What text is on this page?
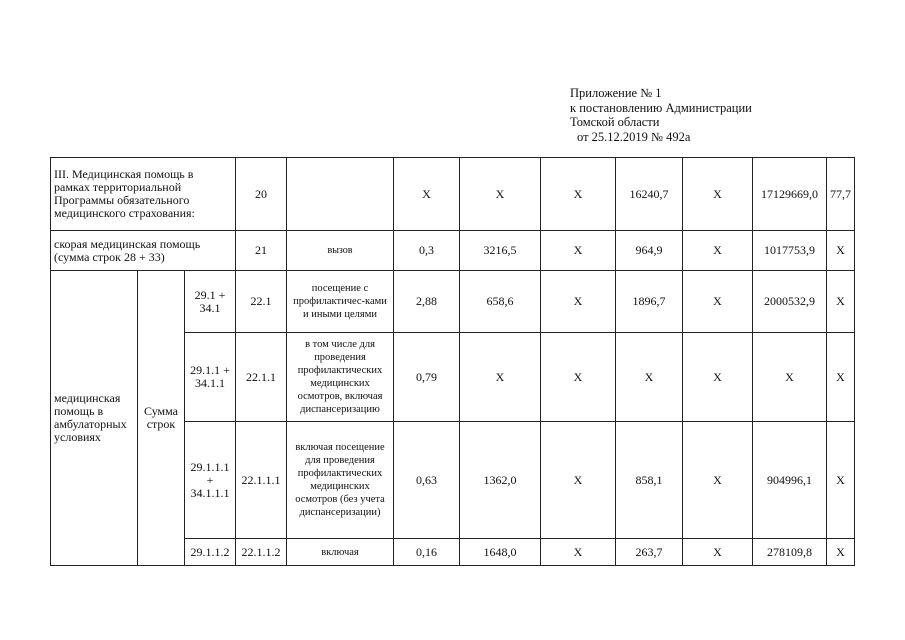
Приложение № 1
к постановлению Администрации
Томской области
от 25.12.2019 № 492а
III. Медицинская помощь в рамках территориальной Программы обязательного медицинского страхования:			20		X	X	X	16240,7	X	17129669,0	77,7
скорая медицинская помощь (сумма строк 28 + 33)			21	вызов	0,3	3216,5	X	964,9	X	1017753,9	X
медицинская помощь в амбулаторных условиях	Сумма строк	29.1 + 34.1	22.1	посещение с профилактичес-ками и иными целями	2,88	658,6	X	1896,7	X	2000532,9	X
		29.1.1 + 34.1.1	22.1.1	в том числе для проведения профилактических медицинских осмотров, включая диспансеризацию	0,79	X	X	X	X	X	X
		29.1.1.1 + 34.1.1.1	22.1.1.1	включая посещение для проведения профилактических медицинских осмотров (без учета диспансеризации)	0,63	1362,0	X	858,1	X	904996,1	X
		29.1.1.2	22.1.1.2	включая	0,16	1648,0	X	263,7	X	278109,8	X
